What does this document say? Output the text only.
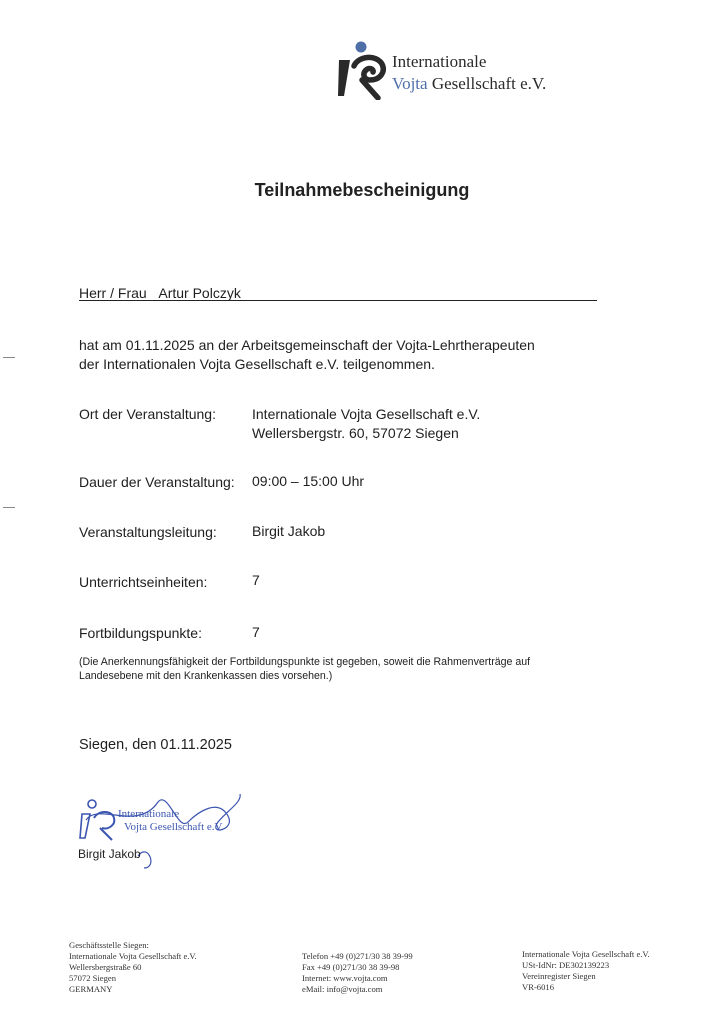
Internationale
Vojta Gesellschaft e.V.
Teilnahmebescheinigung
Herr / Frau Artur Polczyk
hat am 01.11.2025 an der Arbeitsgemeinschaft der Vojta-Lehrtherapeuten
der Internationalen Vojta Gesellschaft e.V. teilgenommen.
Ort der Veranstaltung:	Internationale Vojta Gesellschaft e.V.
Wellersbergstr. 60, 57072 Siegen
Dauer der Veranstaltung: 09:00 – 15:00 Uhr
Veranstaltungsleitung:	Birgit Jakob
Unterrichtseinheiten:	7
Fortbildungspunkte:	7
(Die Anerkennungsfähigkeit der Fortbildungspunkte ist gegeben, soweit die Rahmenverträge auf
Landesebene mit den Krankenkassen dies vorsehen.)
Siegen, den 01.11.2025
Internationale
Vojta Gesellschaft e.V.
Birgit Jakob
Geschäftsstelle Siegen:
Internationale Vojta Gesellschaft e.V.
Wellersbergstraße 60
57072 Siegen
GERMANY
Telefon +49 (0)271/30 38 39-99
Fax +49 (0)271/30 38 39-98
Internet: www.vojta.com
eMail: info@vojta.com
Internationale Vojta Gesellschaft e.V.
USt-IdNr: DE302139223
Vereinregister Siegen
VR-6016
